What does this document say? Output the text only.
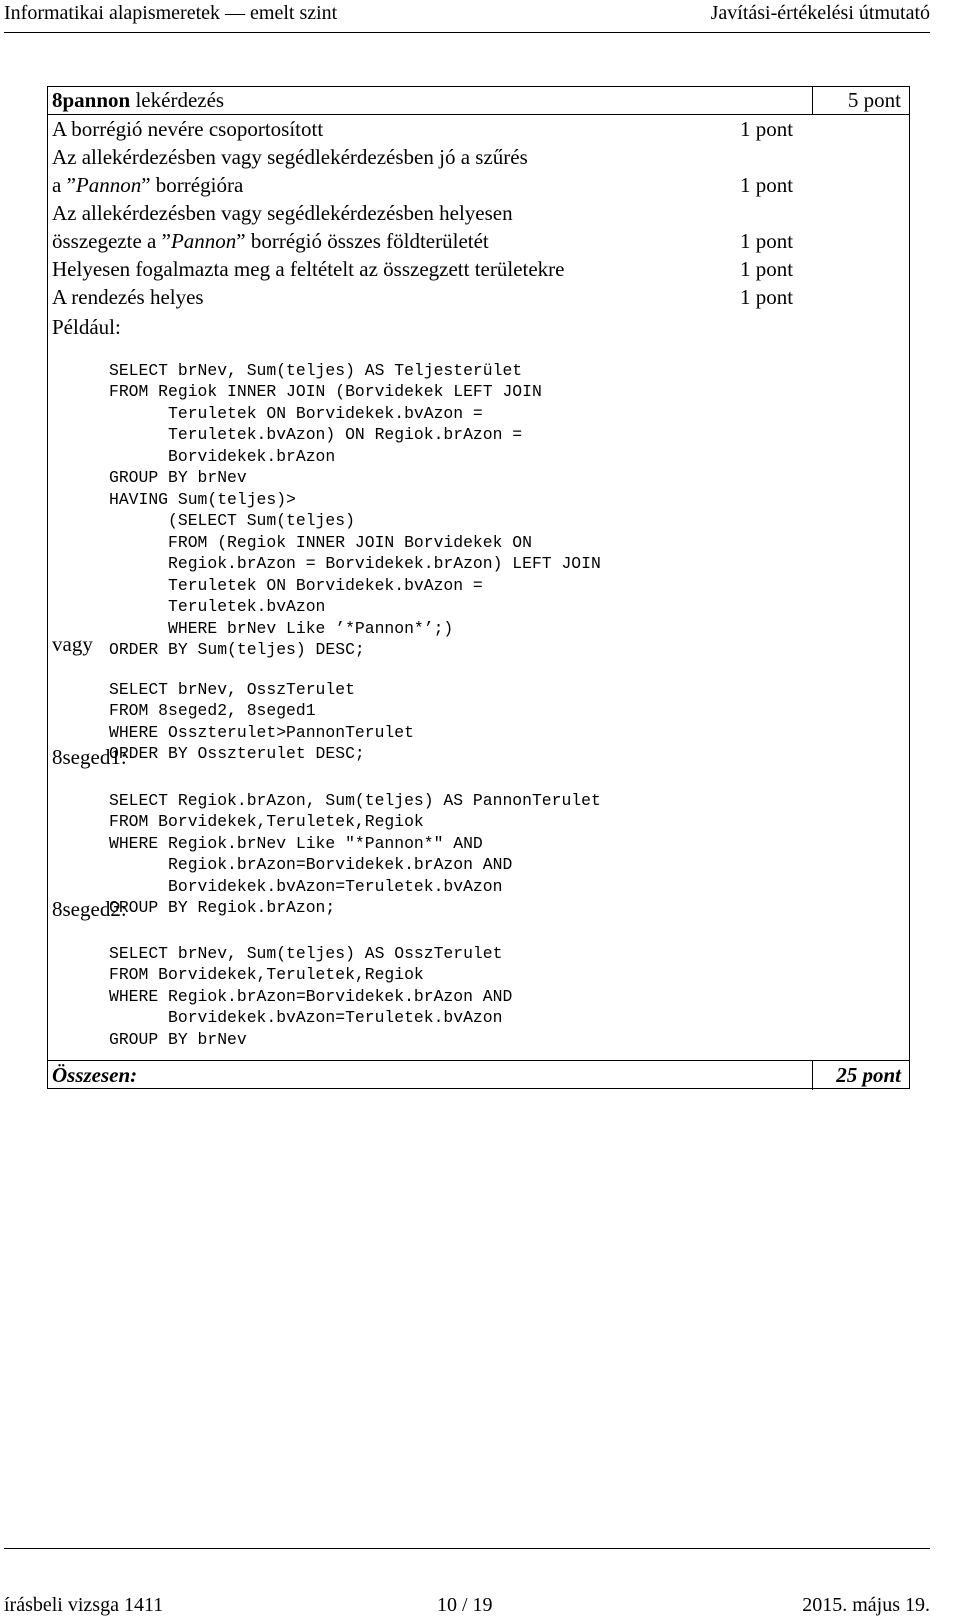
Informatikai alapismeretek — emelt szint	Javítási-értékelési útmutató
8pannon lekérdezés	5 pont
A borrégió nevére csoportosított	1 pont
Az allekérdezésben vagy segédlekérdezésben jó a szűrés
a ”Pannon” borrégióra	1 pont
Az allekérdezésben vagy segédlekérdezésben helyesen
összegezte a ”Pannon” borrégió összes földterületét	1 pont
Helyesen fogalmazta meg a feltételt az összegzett területekre	1 pont
A rendezés helyes	1 pont
Például:

SELECT brNev, Sum(teljes) AS Teljesterület
FROM Regiok INNER JOIN (Borvidekek LEFT JOIN
Teruletek ON Borvidekek.bvAzon =
Teruletek.bvAzon) ON Regiok.brAzon =
Borvidekek.brAzon
GROUP BY brNev
HAVING Sum(teljes)>
(SELECT Sum(teljes)
FROM (Regiok INNER JOIN Borvidekek ON
Regiok.brAzon = Borvidekek.brAzon) LEFT JOIN
Teruletek ON Borvidekek.bvAzon =
Teruletek.bvAzon
WHERE brNev Like ’*Pannon*’;)
ORDER BY Sum(teljes) DESC;
vagy

SELECT brNev, OsszTerulet
FROM 8seged2, 8seged1
WHERE Osszterulet>PannonTerulet
ORDER BY Osszterulet DESC;
8seged1:

SELECT Regiok.brAzon, Sum(teljes) AS PannonTerulet
FROM Borvidekek,Teruletek,Regiok
WHERE Regiok.brNev Like "*Pannon*" AND
Regiok.brAzon=Borvidekek.brAzon AND
Borvidekek.bvAzon=Teruletek.bvAzon
GROUP BY Regiok.brAzon;
8seged2:

SELECT brNev, Sum(teljes) AS OsszTerulet
FROM Borvidekek,Teruletek,Regiok
WHERE Regiok.brAzon=Borvidekek.brAzon AND
Borvidekek.bvAzon=Teruletek.bvAzon
GROUP BY brNev
Összesen:	25 pont
írásbeli vizsga 1411	10 / 19	2015. május 19.
